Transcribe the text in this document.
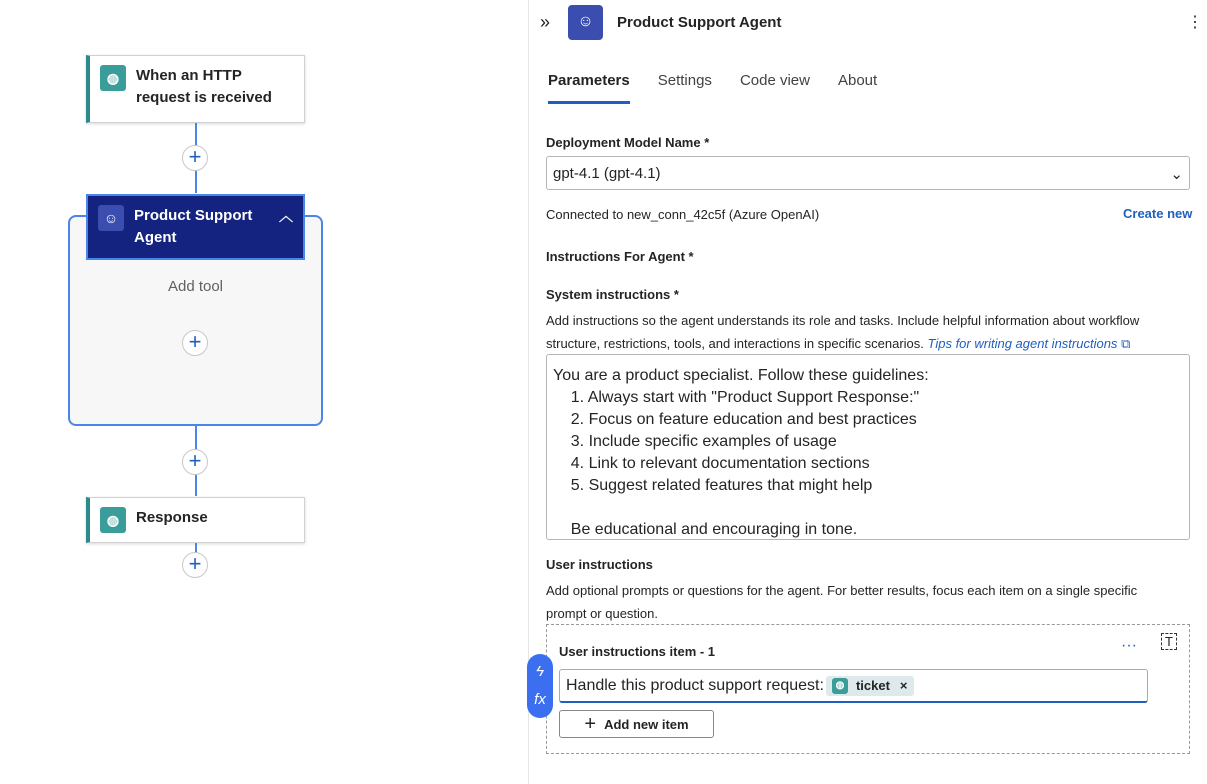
◍	When an HTTP request is received
+
☺	Product Support Agent
︿
Add tool
+
+
◍	Response
+
»	☺	Product Support Agent	⋮
Parameters Settings Code view About
Deployment Model Name *
gpt-4.1 (gpt-4.1)	⌄
Connected to new_conn_42c5f (Azure OpenAI)	Create new
Instructions For Agent *
System instructions *
Add instructions so the agent understands its role and tasks. Include helpful information about workflow structure, restrictions, tools, and interactions in specific scenarios. Tips for writing agent instructions ⧉
You are a product specialist. Follow these guidelines:
1. Always start with "Product Support Response:"
2. Focus on feature education and best practices
3. Include specific examples of usage
4. Link to relevant documentation sections
5. Suggest related features that might help

Be educational and encouraging in tone.
User instructions
Add optional prompts or questions for the agent. For better results, focus each item on a single specific prompt or question.
User instructions item - 1	···	T
Handle this product support request:	◍ ticket ×
+ Add new item
ϟ
fx
